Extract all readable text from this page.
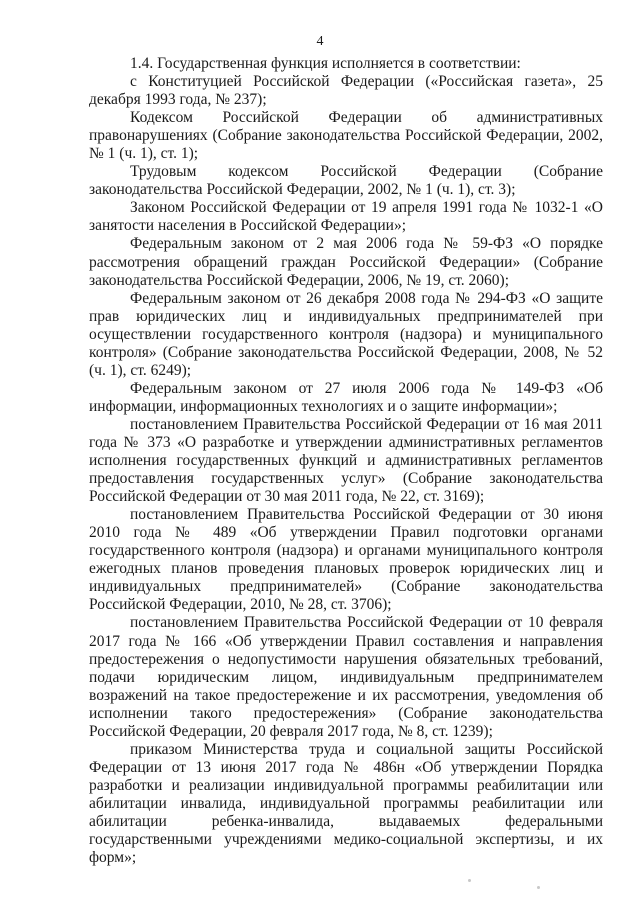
4

1.4. Государственная функция исполняется в соответствии:

с Конституцией Российской Федерации («Российская газета», 25 декабря 1993 года, № 237);

Кодексом Российской Федерации об административных правонарушениях (Собрание законодательства Российской Федерации, 2002, № 1 (ч. 1), ст. 1);

Трудовым кодексом Российской Федерации (Собрание законодательства Российской Федерации, 2002, № 1 (ч. 1), ст. 3);

Законом Российской Федерации от 19 апреля 1991 года № 1032-1 «О занятости населения в Российской Федерации»;

Федеральным законом от 2 мая 2006 года № 59-ФЗ «О порядке рассмотрения обращений граждан Российской Федерации» (Собрание законодательства Российской Федерации, 2006, № 19, ст. 2060);

Федеральным законом от 26 декабря 2008 года № 294-ФЗ «О защите прав юридических лиц и индивидуальных предпринимателей при осуществлении государственного контроля (надзора) и муниципального контроля» (Собрание законодательства Российской Федерации, 2008, № 52 (ч. 1), ст. 6249);

Федеральным законом от 27 июля 2006 года № 149-ФЗ «Об информации, информационных технологиях и о защите информации»;

постановлением Правительства Российской Федерации от 16 мая 2011 года № 373 «О разработке и утверждении административных регламентов исполнения государственных функций и административных регламентов предоставления государственных услуг» (Собрание законодательства Российской Федерации от 30 мая 2011 года, № 22, ст. 3169);

постановлением Правительства Российской Федерации от 30 июня 2010 года № 489 «Об утверждении Правил подготовки органами государственного контроля (надзора) и органами муниципального контроля ежегодных планов проведения плановых проверок юридических лиц и индивидуальных предпринимателей» (Собрание законодательства Российской Федерации, 2010, № 28, ст. 3706);

постановлением Правительства Российской Федерации от 10 февраля 2017 года № 166 «Об утверждении Правил составления и направления предостережения о недопустимости нарушения обязательных требований, подачи юридическим лицом, индивидуальным предпринимателем возражений на такое предостережение и их рассмотрения, уведомления об исполнении такого предостережения» (Собрание законодательства Российской Федерации, 20 февраля 2017 года, № 8, ст. 1239);

приказом Министерства труда и социальной защиты Российской Федерации от 13 июня 2017 года № 486н «Об утверждении Порядка разработки и реализации индивидуальной программы реабилитации или абилитации инвалида, индивидуальной программы реабилитации или абилитации ребенка-инвалида, выдаваемых федеральными государственными учреждениями медико-социальной экспертизы, и их форм»;
